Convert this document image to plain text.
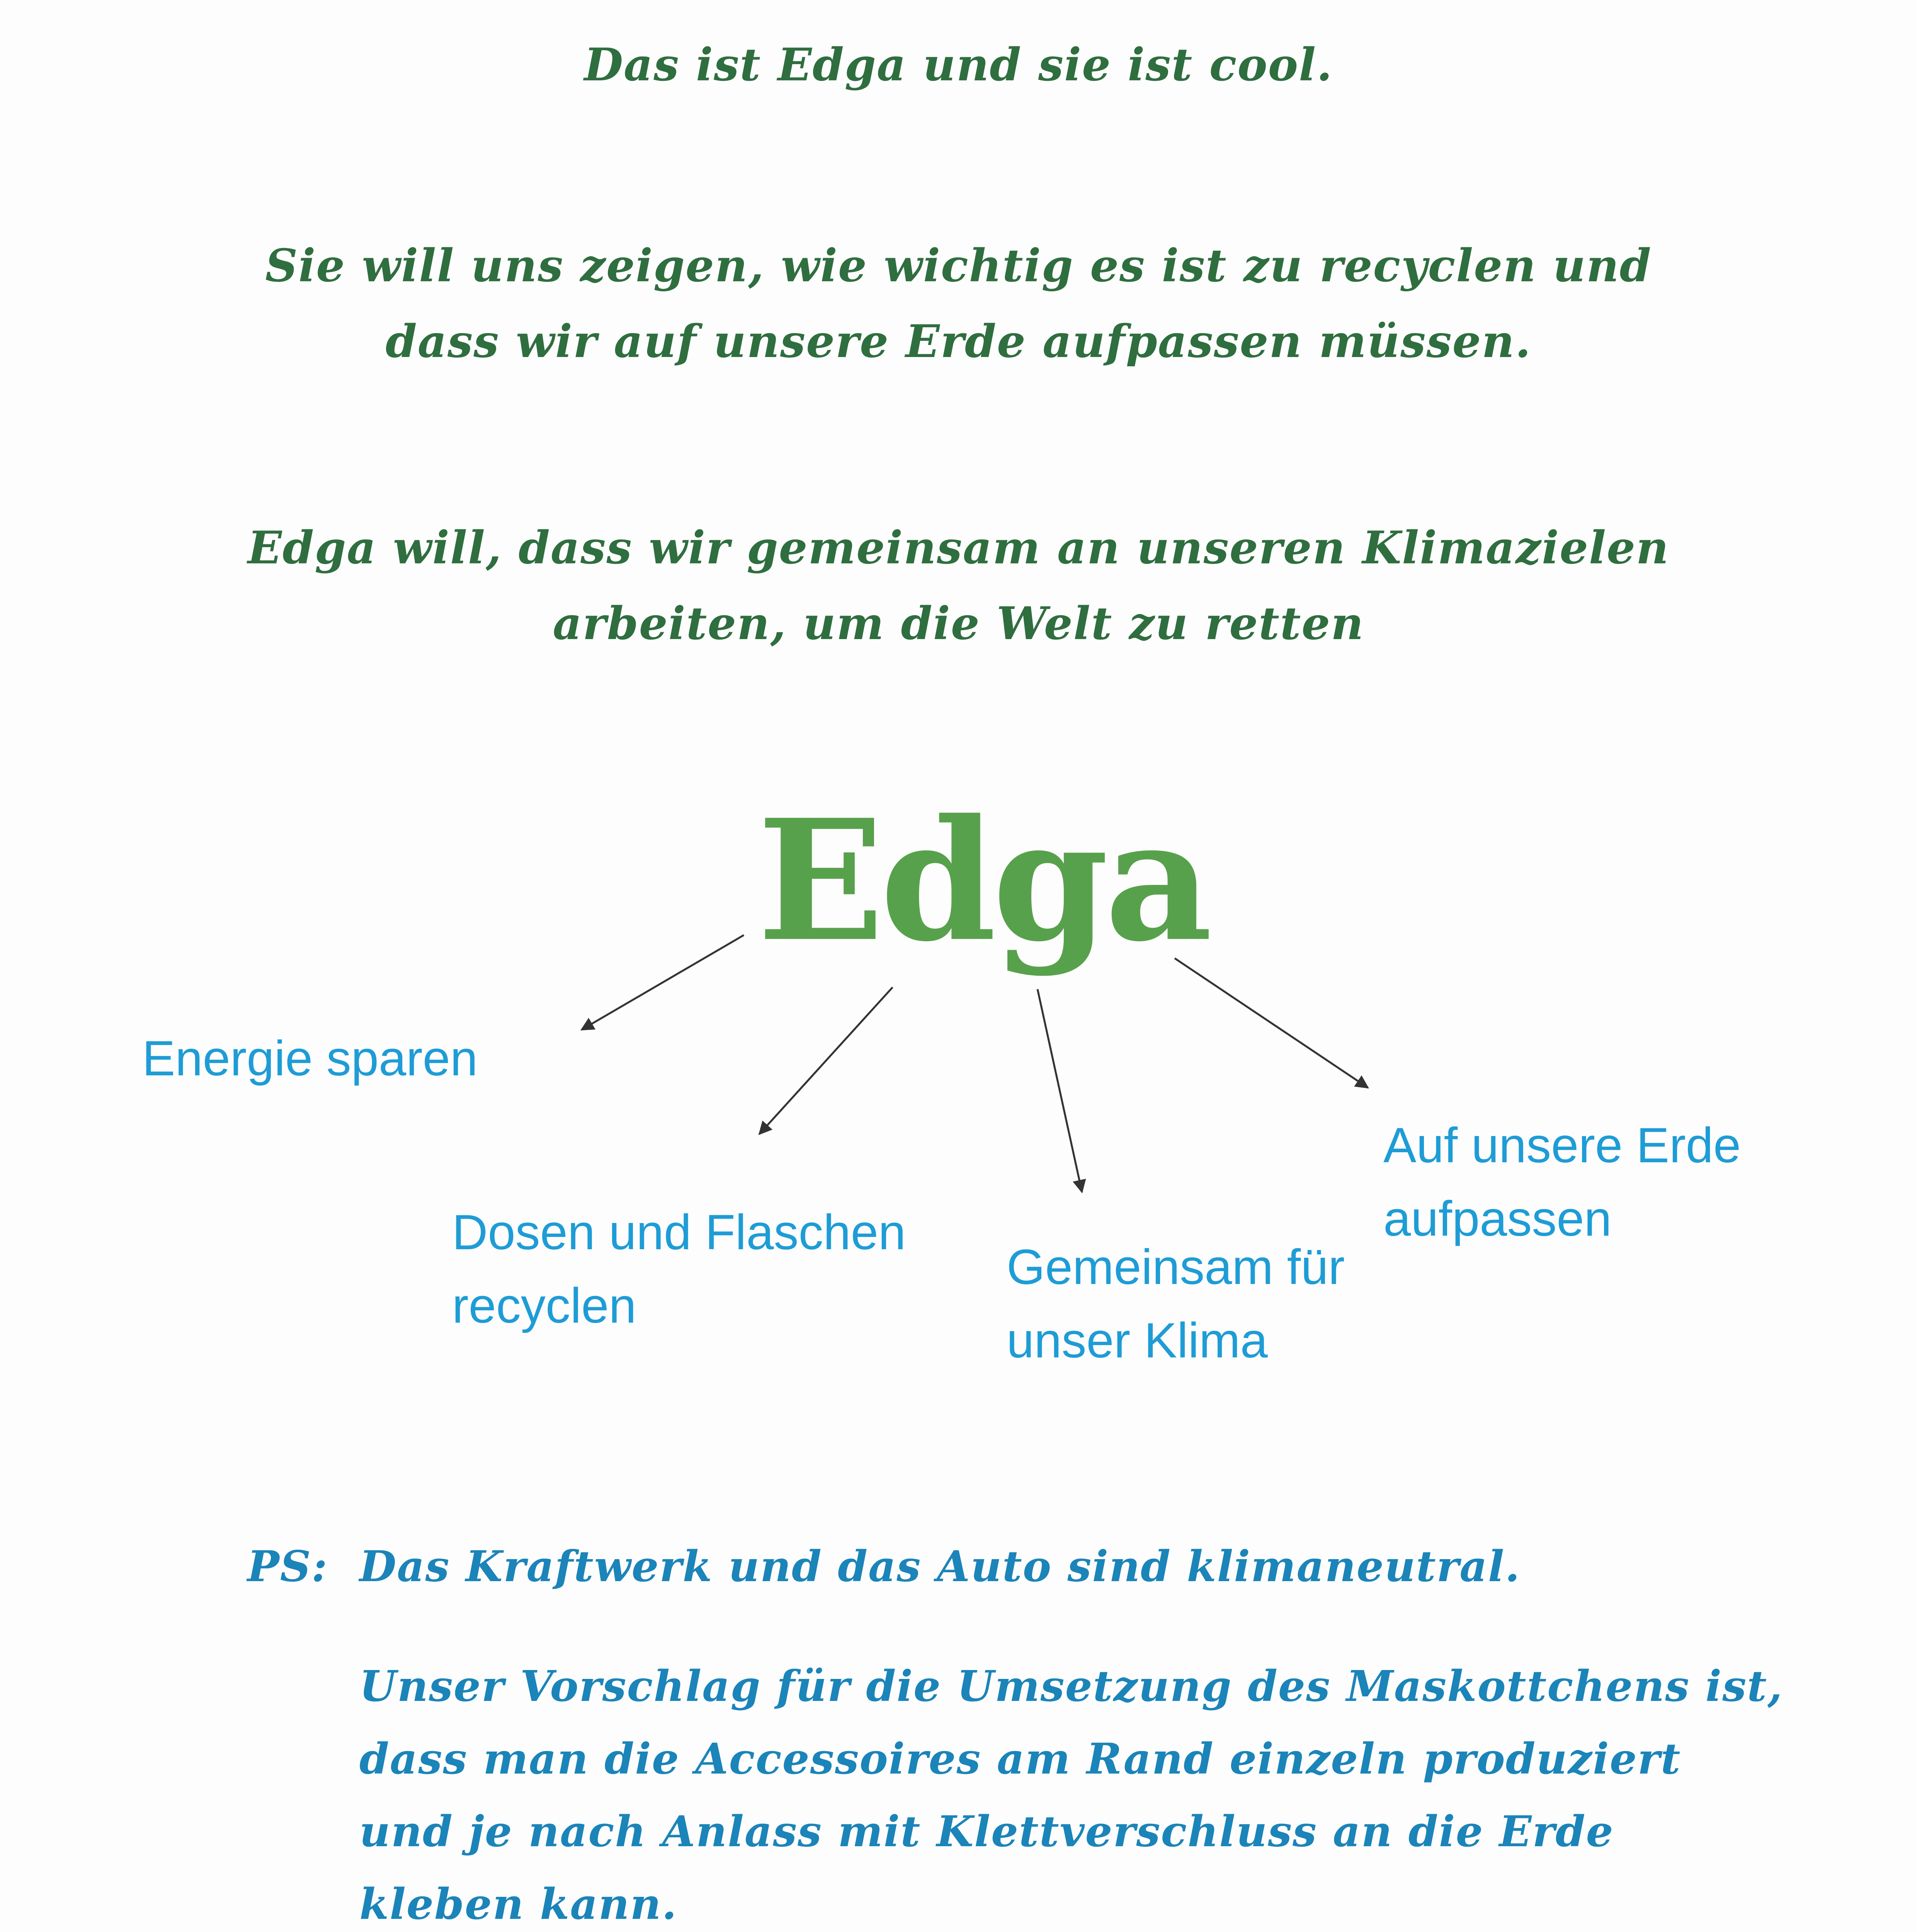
Das ist Edga und sie ist cool.
Sie will uns zeigen, wie wichtig es ist zu recyclen und
dass wir auf unsere Erde aufpassen müssen.
Edga will, dass wir gemeinsam an unseren Klimazielen
arbeiten, um die Welt zu retten
Edga
Energie sparen
Dosen und Flaschen
recyclen
Gemeinsam für
unser Klima
Auf unsere Erde
aufpassen
PS: Das Kraftwerk und das Auto sind klimaneutral.
Unser Vorschlag für die Umsetzung des Maskottchens ist,
dass man die Accessoires am Rand einzeln produziert
und je nach Anlass mit Klettverschluss an die Erde
kleben kann.
